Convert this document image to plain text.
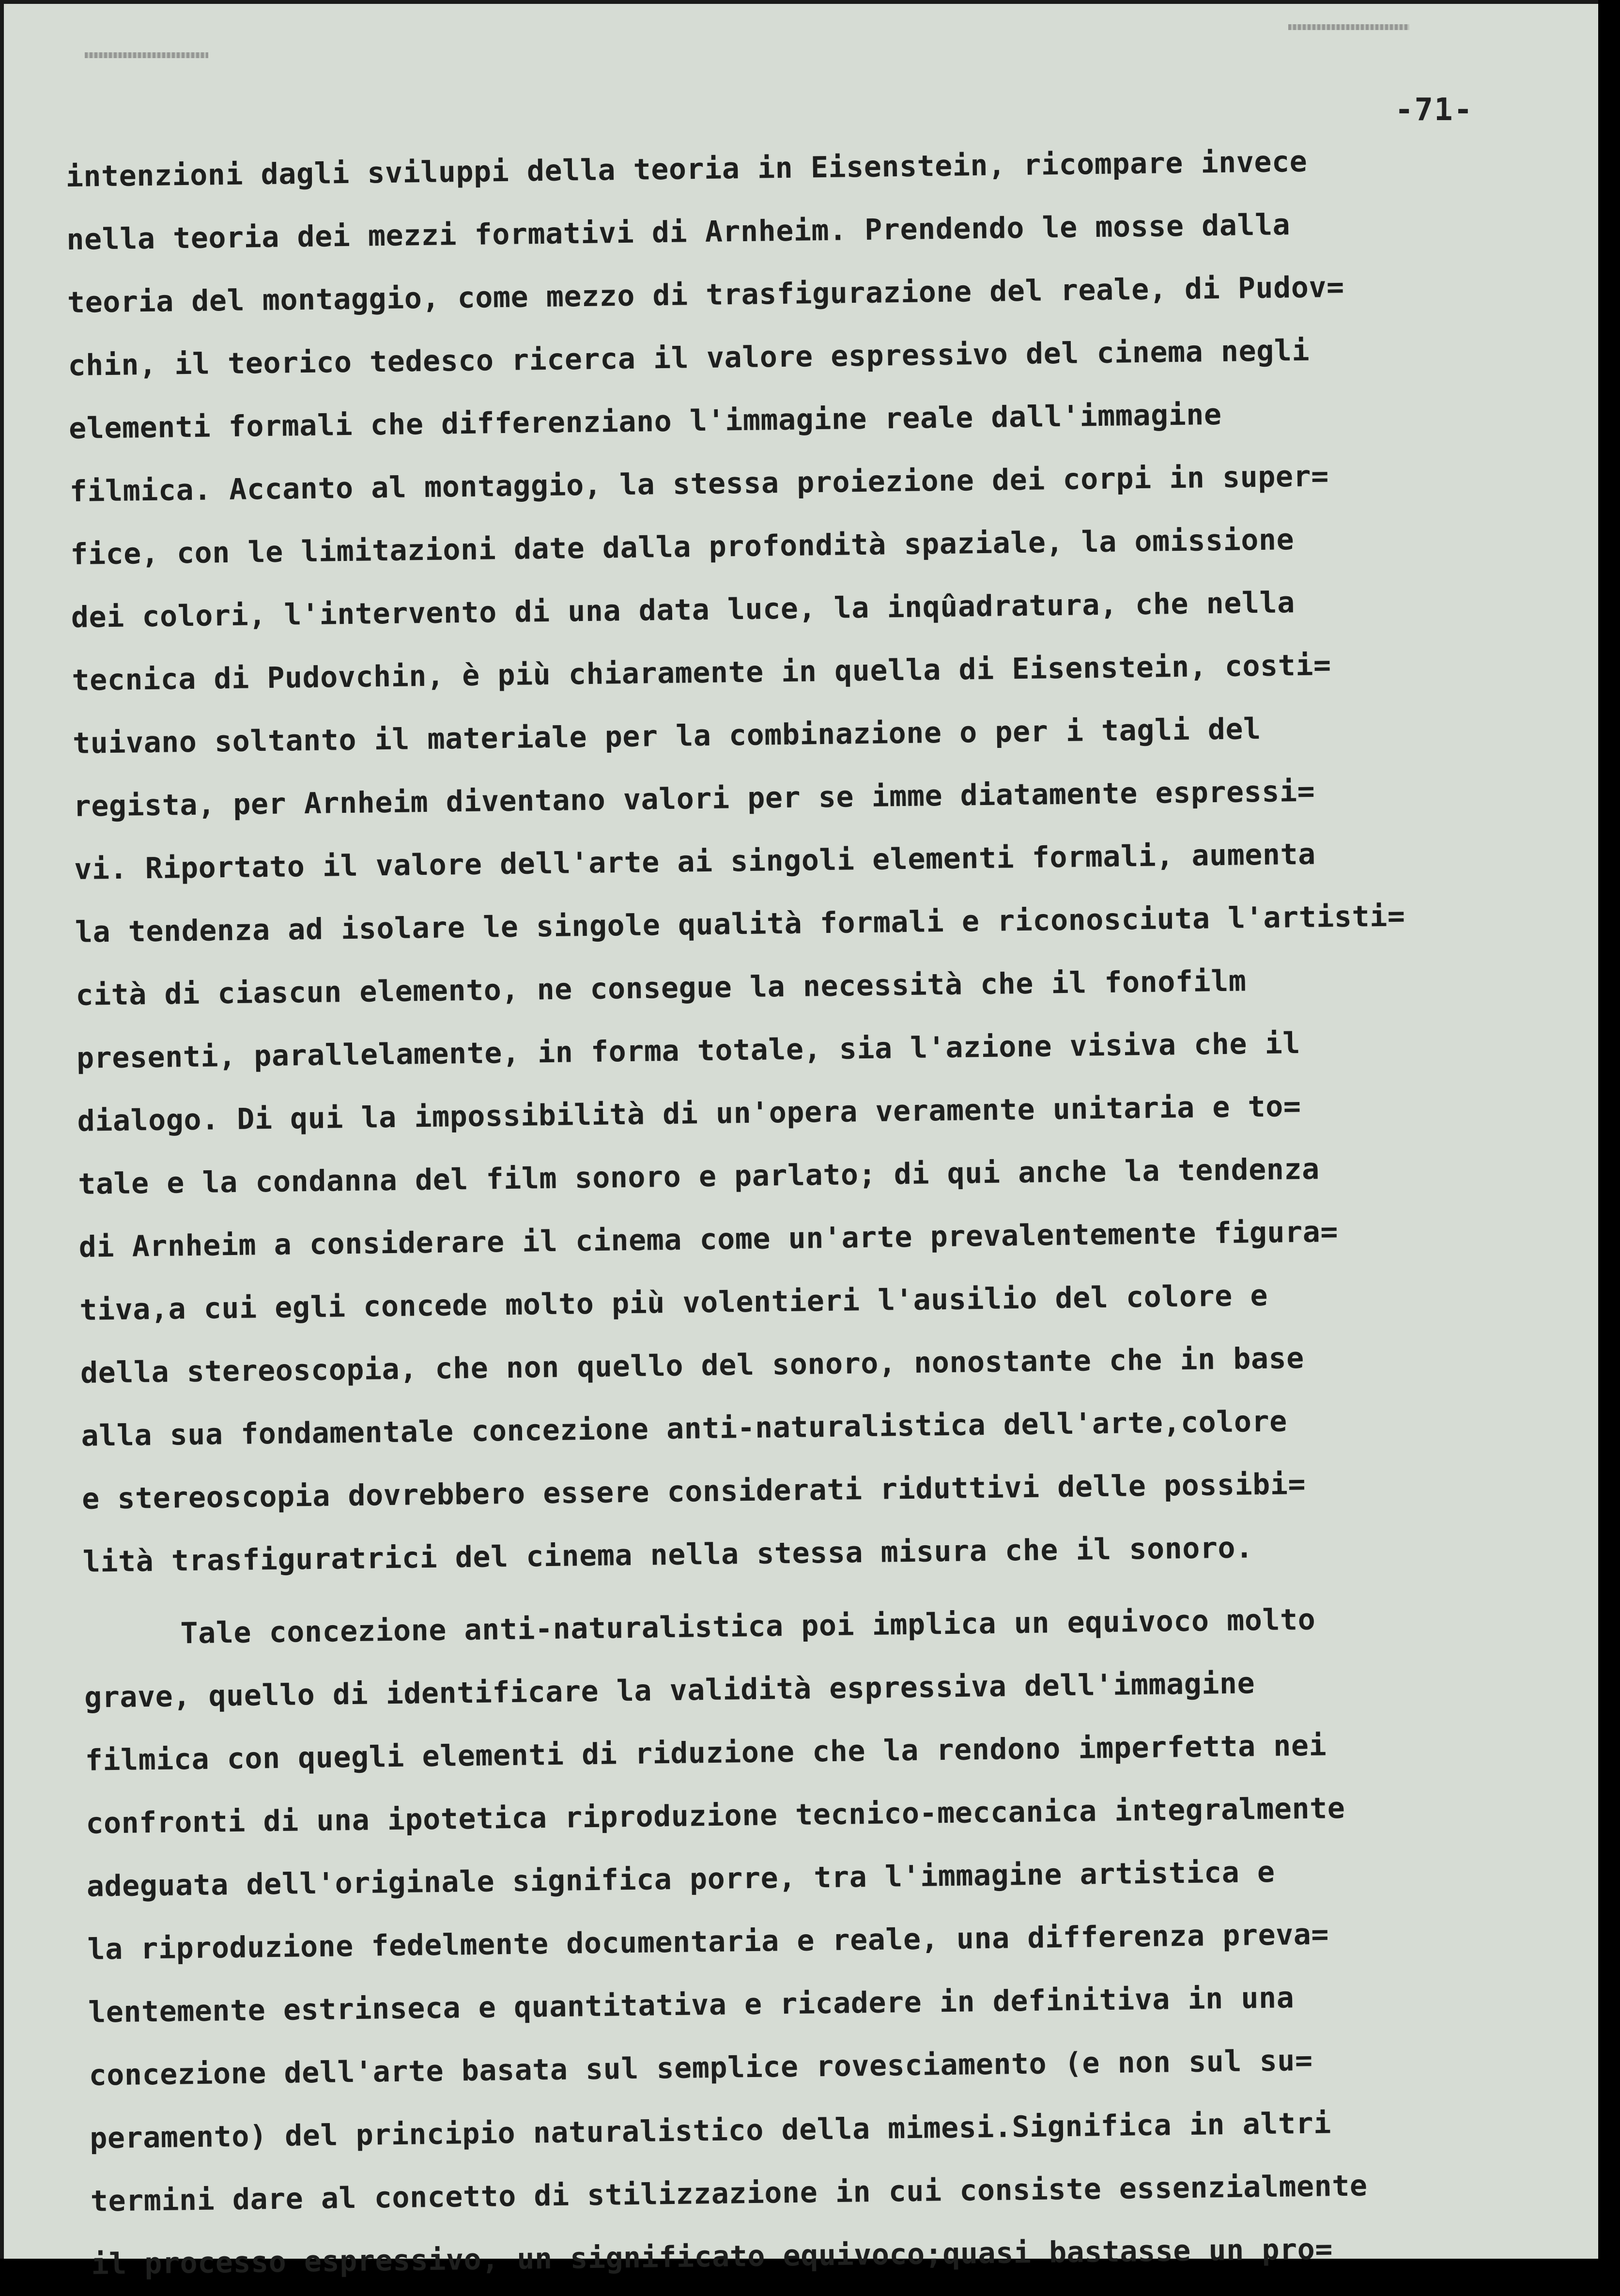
-71-
intenzioni dagli sviluppi della teoria in Eisenstein, ricompare invece
nella teoria dei mezzi formativi di Arnheim. Prendendo le mosse dalla
teoria del montaggio, come mezzo di trasfigurazione del reale, di Pudov=
chin, il teorico tedesco ricerca il valore espressivo del cinema negli
elementi formali che differenziano l'immagine reale dall'immagine
filmica. Accanto al montaggio, la stessa proiezione dei corpi in super=
fice, con le limitazioni date dalla profondità spaziale, la omissione
dei colori, l'intervento di una data luce, la inqûadratura, che nella
tecnica di Pudovchin, è più chiaramente in quella di Eisenstein, costi=
tuivano soltanto il materiale per la combinazione o per i tagli del
regista, per Arnheim diventano valori per se imme diatamente espressi=
vi. Riportato il valore dell'arte ai singoli elementi formali, aumenta
la tendenza ad isolare le singole qualità formali e riconosciuta l'artisti=
cità di ciascun elemento, ne consegue la necessità che il fonofilm
presenti, parallelamente, in forma totale, sia l'azione visiva che il
dialogo. Di qui la impossibilità di un'opera veramente unitaria e to=
tale e la condanna del film sonoro e parlato; di qui anche la tendenza
di Arnheim a considerare il cinema come un'arte prevalentemente figura=
tiva,a cui egli concede molto più volentieri l'ausilio del colore e
della stereoscopia, che non quello del sonoro, nonostante che in base
alla sua fondamentale concezione anti-naturalistica dell'arte,colore
e stereoscopia dovrebbero essere considerati riduttivi delle possibi=
lità trasfiguratrici del cinema nella stessa misura che il sonoro.
Tale concezione anti-naturalistica poi implica un equivoco molto
grave, quello di identificare la validità espressiva dell'immagine
filmica con quegli elementi di riduzione che la rendono imperfetta nei
confronti di una ipotetica riproduzione tecnico-meccanica integralmente
adeguata dell'originale significa porre, tra l'immagine artistica e
la riproduzione fedelmente documentaria e reale, una differenza preva=
lentemente estrinseca e quantitativa e ricadere in definitiva in una
concezione dell'arte basata sul semplice rovesciamento (e non sul su=
peramento) del principio naturalistico della mimesi.Significa in altri
termini dare al concetto di stilizzazione in cui consiste essenzialmente
il processo espressivo, un significato equivoco;quasi bastasse un pro=
